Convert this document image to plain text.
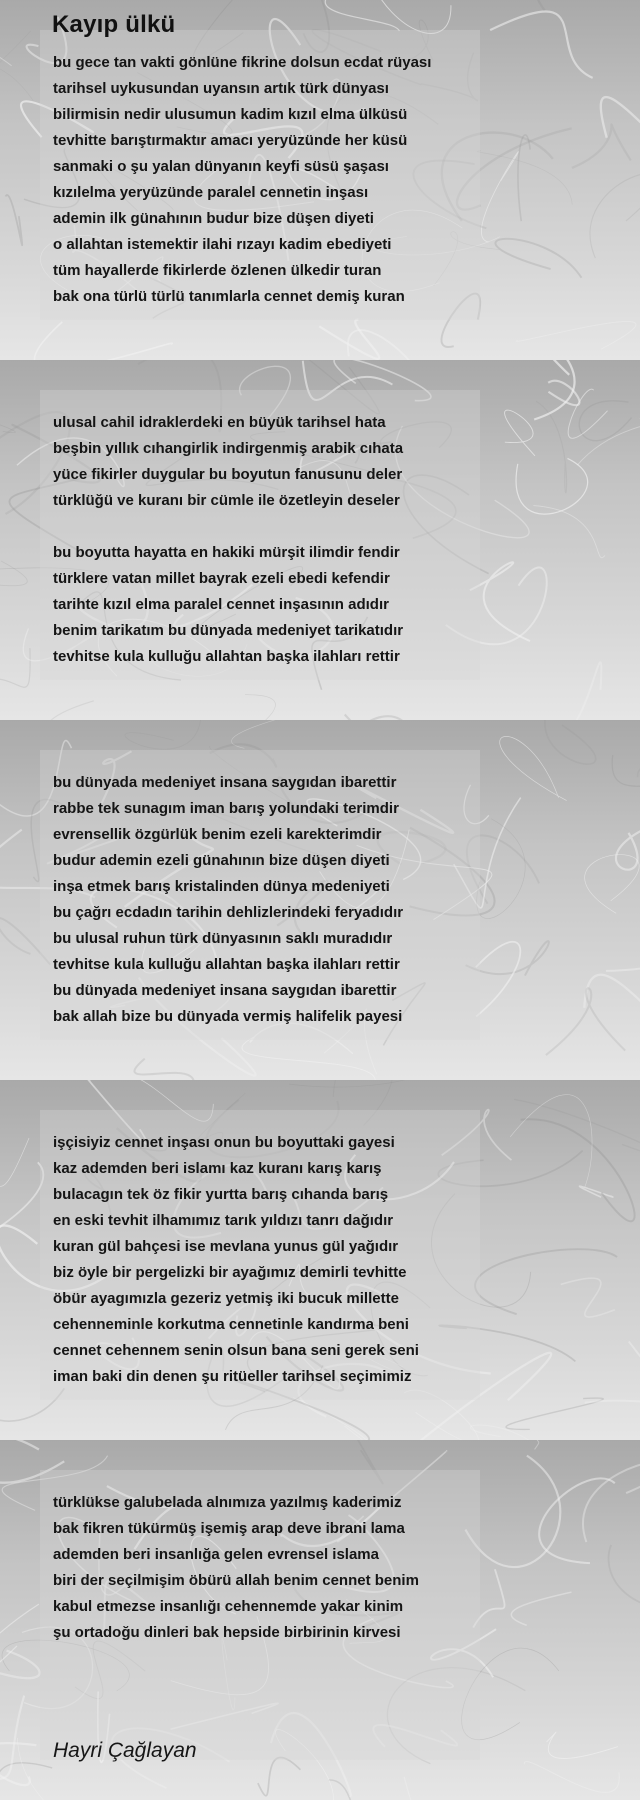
Kayıp ülkü
bu gece tan vakti gönlüne fikrine dolsun ecdat rüyası
tarihsel uykusundan uyansın artık türk dünyası
bilirmisin nedir ulusumun kadim kızıl elma ülküsü
tevhitte barıştırmaktır amacı yeryüzünde her küsü
sanmaki o şu yalan dünyanın keyfi süsü şaşası
kızılelma yeryüzünde paralel cennetin inşası
ademin ilk günahının budur bize düşen diyeti
o allahtan istemektir ilahi rızayı kadim ebediyeti
tüm hayallerde fikirlerde özlenen ülkedir turan
bak ona türlü türlü tanımlarla cennet demiş kuran
ulusal cahil idraklerdeki en büyük tarihsel hata
beşbin yıllık cıhangirlik indirgenmiş arabik cıhata
yüce fikirler duygular bu boyutun fanusunu deler
türklüğü ve kuranı bir cümle ile özetleyin deseler
bu boyutta hayatta en hakiki mürşit ilimdir fendir
türklere vatan millet bayrak ezeli ebedi kefendir
tarihte kızıl elma paralel cennet inşasının adıdır
benim tarikatım bu dünyada medeniyet tarikatıdır
tevhitse kula kulluğu allahtan başka ilahları rettir
bu dünyada medeniyet insana saygıdan ibarettir
rabbe tek sunagım iman barış yolundaki terimdir
evrensellik özgürlük benim ezeli karekterimdir
budur ademin ezeli günahının bize düşen diyeti
inşa etmek barış kristalinden dünya medeniyeti
bu çağrı ecdadın tarihin dehlizlerindeki feryadıdır
bu ulusal ruhun türk dünyasının saklı muradıdır
tevhitse kula kulluğu allahtan başka ilahları rettir
bu dünyada medeniyet insana saygıdan ibarettir
bak allah bize bu dünyada vermiş halifelik payesi
işçisiyiz cennet inşası onun bu boyuttaki gayesi
kaz ademden beri islamı kaz kuranı karış karış
bulacagın tek öz fikir yurtta barış cıhanda barış
en eski tevhit ilhamımız tarık yıldızı tanrı dağıdır
kuran gül bahçesi ise mevlana yunus gül yağıdır
biz öyle bir pergelizki bir ayağımız demirli tevhitte
öbür ayagımızla gezeriz yetmiş iki bucuk millette
cehenneminle korkutma cennetinle kandırma beni
cennet cehennem senin olsun bana seni gerek seni
iman baki din denen şu ritüeller tarihsel seçimimiz
türklükse galubelada alnımıza yazılmış kaderimiz
bak fikren tükürmüş işemiş arap deve ibrani lama
ademden beri insanlığa gelen evrensel islama
biri der seçilmişim öbürü allah benim cennet benim
kabul etmezse insanlığı cehennemde yakar kinim
şu ortadoğu dinleri bak hepside birbirinin kirvesi
Hayri Çağlayan
